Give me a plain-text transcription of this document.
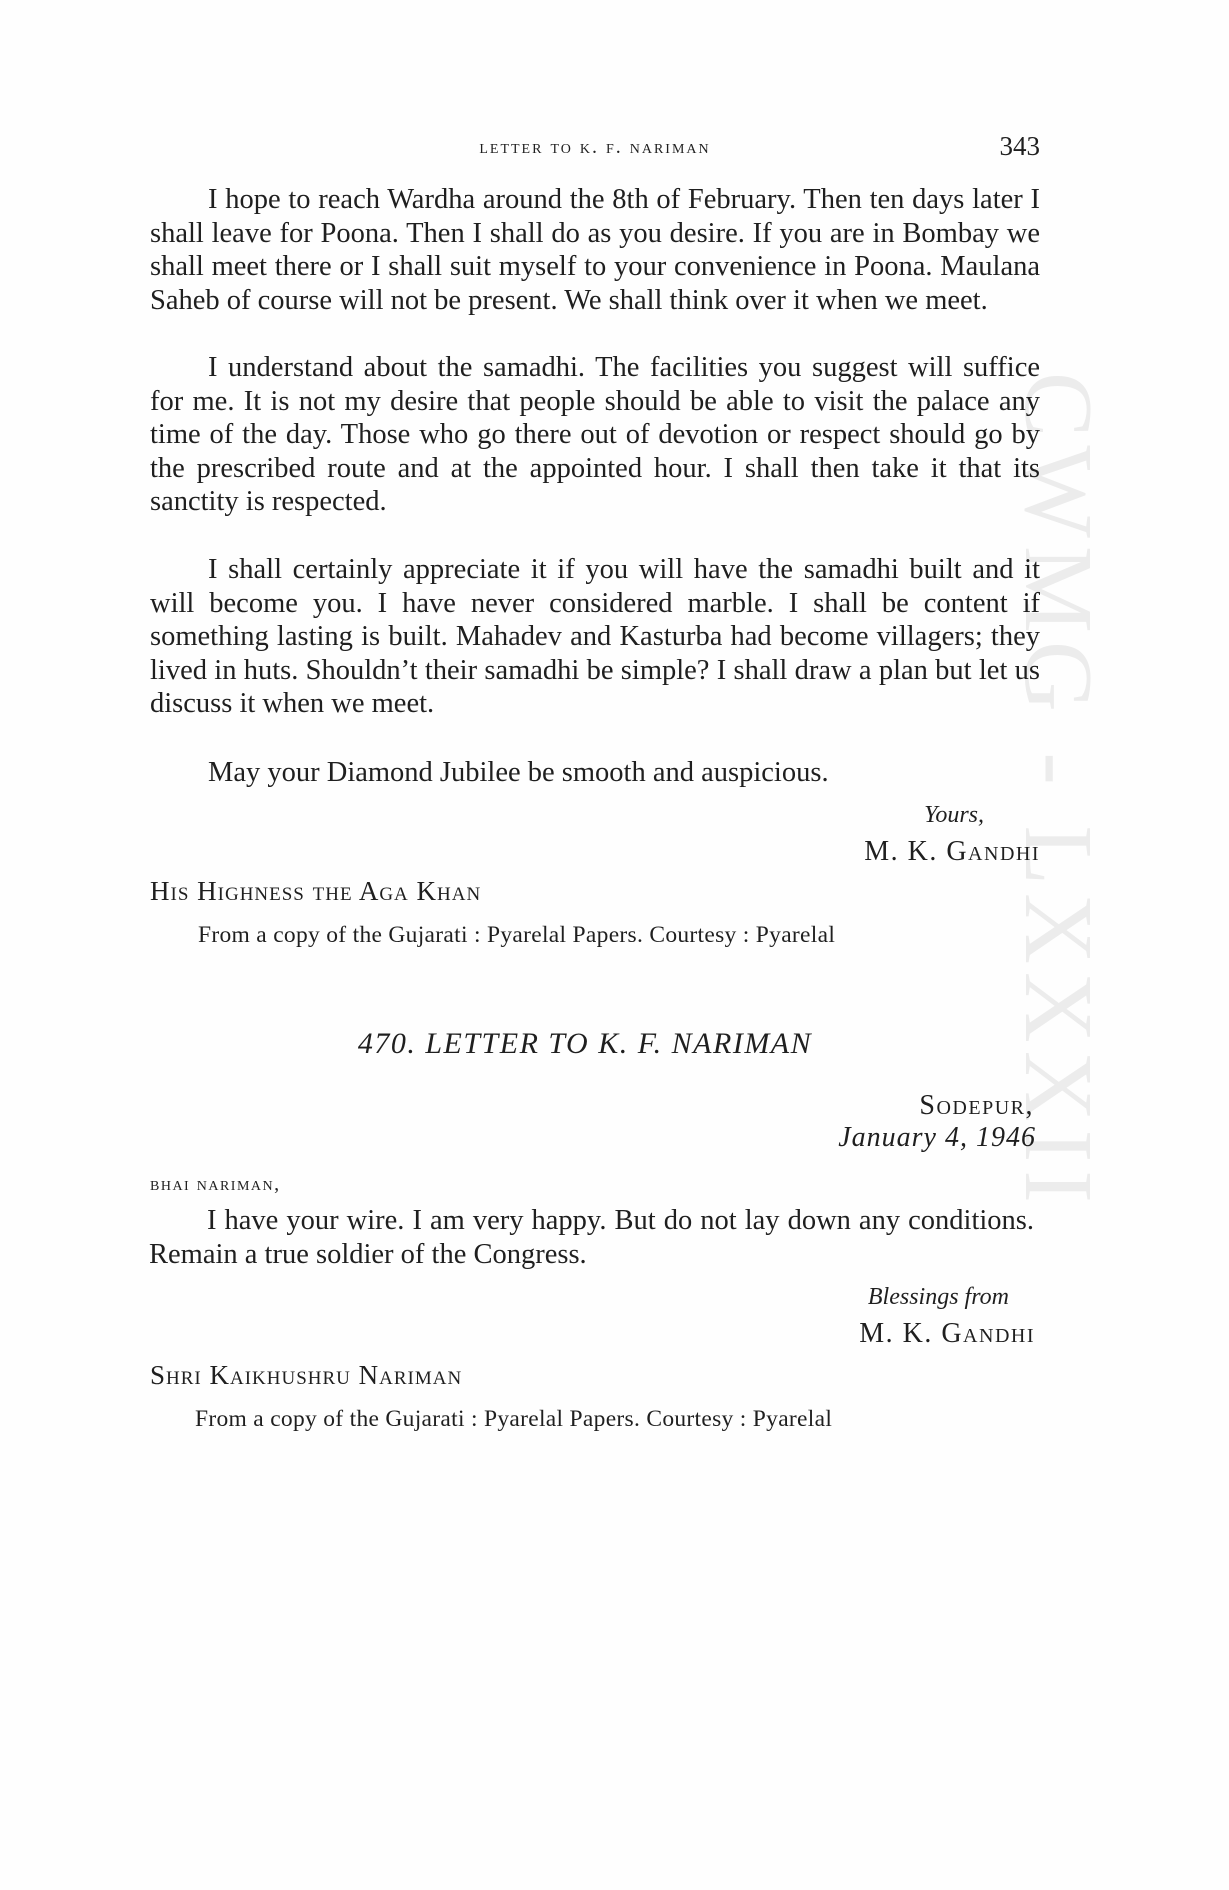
CWMG - LXXXII
letter to k. f. nariman	343

I hope to reach Wardha around the 8th of February. Then ten days later I shall leave for Poona. Then I shall do as you desire. If you are in Bombay we shall meet there or I shall suit myself to your convenience in Poona. Maulana Saheb of course will not be present. We shall think over it when we meet.

I understand about the samadhi. The facilities you suggest will suffice for me. It is not my desire that people should be able to visit the palace any time of the day. Those who go there out of devotion or respect should go by the prescribed route and at the appointed hour. I shall then take it that its sanctity is respected.

I shall certainly appreciate it if you will have the samadhi built and it will become you. I have never considered marble. I shall be content if something lasting is built. Mahadev and Kasturba had become villagers; they lived in huts. Shouldn’t their samadhi be simple? I shall draw a plan but let us discuss it when we meet.

May your Diamond Jubilee be smooth and auspicious.

Yours,

M. K. Gandhi

His Highness the Aga Khan

From a copy of the Gujarati : Pyarelal Papers. Courtesy : Pyarelal

470. LETTER TO K. F. NARIMAN

Sodepur,

January 4, 1946

bhai nariman,

I have your wire. I am very happy. But do not lay down any conditions. Remain a true soldier of the Congress.

Blessings from

M. K. Gandhi

Shri Kaikhushru Nariman

From a copy of the Gujarati : Pyarelal Papers. Courtesy : Pyarelal
